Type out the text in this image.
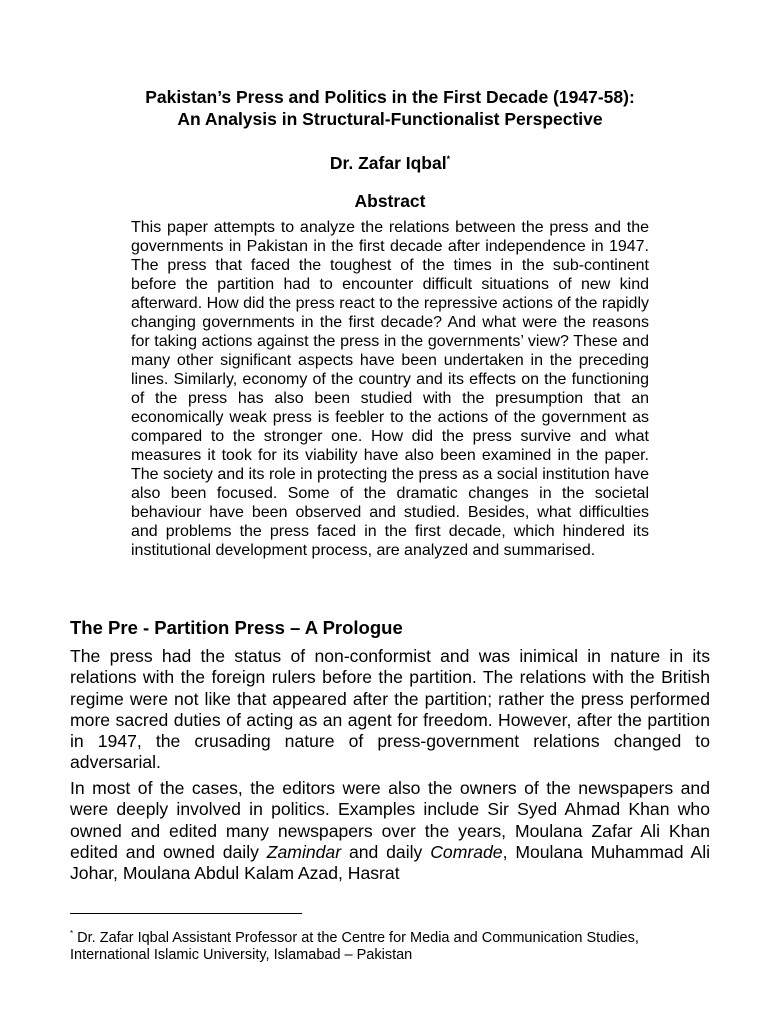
Pakistan’s Press and Politics in the First Decade (1947-58):

An Analysis in Structural-Functionalist Perspective

Dr. Zafar Iqbal*

Abstract

This paper attempts to analyze the relations between the press and the governments in Pakistan in the first decade after independence in 1947. The press that faced the toughest of the times in the sub-continent before the partition had to encounter difficult situations of new kind afterward. How did the press react to the repressive actions of the rapidly changing governments in the first decade? And what were the reasons for taking actions against the press in the governments’ view? These and many other significant aspects have been undertaken in the preceding lines. Similarly, economy of the country and its effects on the functioning of the press has also been studied with the presumption that an economically weak press is feebler to the actions of the government as compared to the stronger one. How did the press survive and what measures it took for its viability have also been examined in the paper. The society and its role in protecting the press as a social institution have also been focused. Some of the dramatic changes in the societal behaviour have been observed and studied. Besides, what difficulties and problems the press faced in the first decade, which hindered its institutional development process, are analyzed and summarised.

The Pre - Partition Press – A Prologue

The press had the status of non-conformist and was inimical in nature in its relations with the foreign rulers before the partition. The relations with the British regime were not like that appeared after the partition; rather the press performed more sacred duties of acting as an agent for freedom. However, after the partition in 1947, the crusading nature of press-government relations changed to adversarial.

In most of the cases, the editors were also the owners of the newspapers and were deeply involved in politics. Examples include Sir Syed Ahmad Khan who owned and edited many newspapers over the years, Moulana Zafar Ali Khan edited and owned daily Zamindar and daily Comrade, Moulana Muhammad Ali Johar, Moulana Abdul Kalam Azad, Hasrat

* Dr. Zafar Iqbal Assistant Professor at the Centre for Media and Communication Studies,
International Islamic University, Islamabad – Pakistan
